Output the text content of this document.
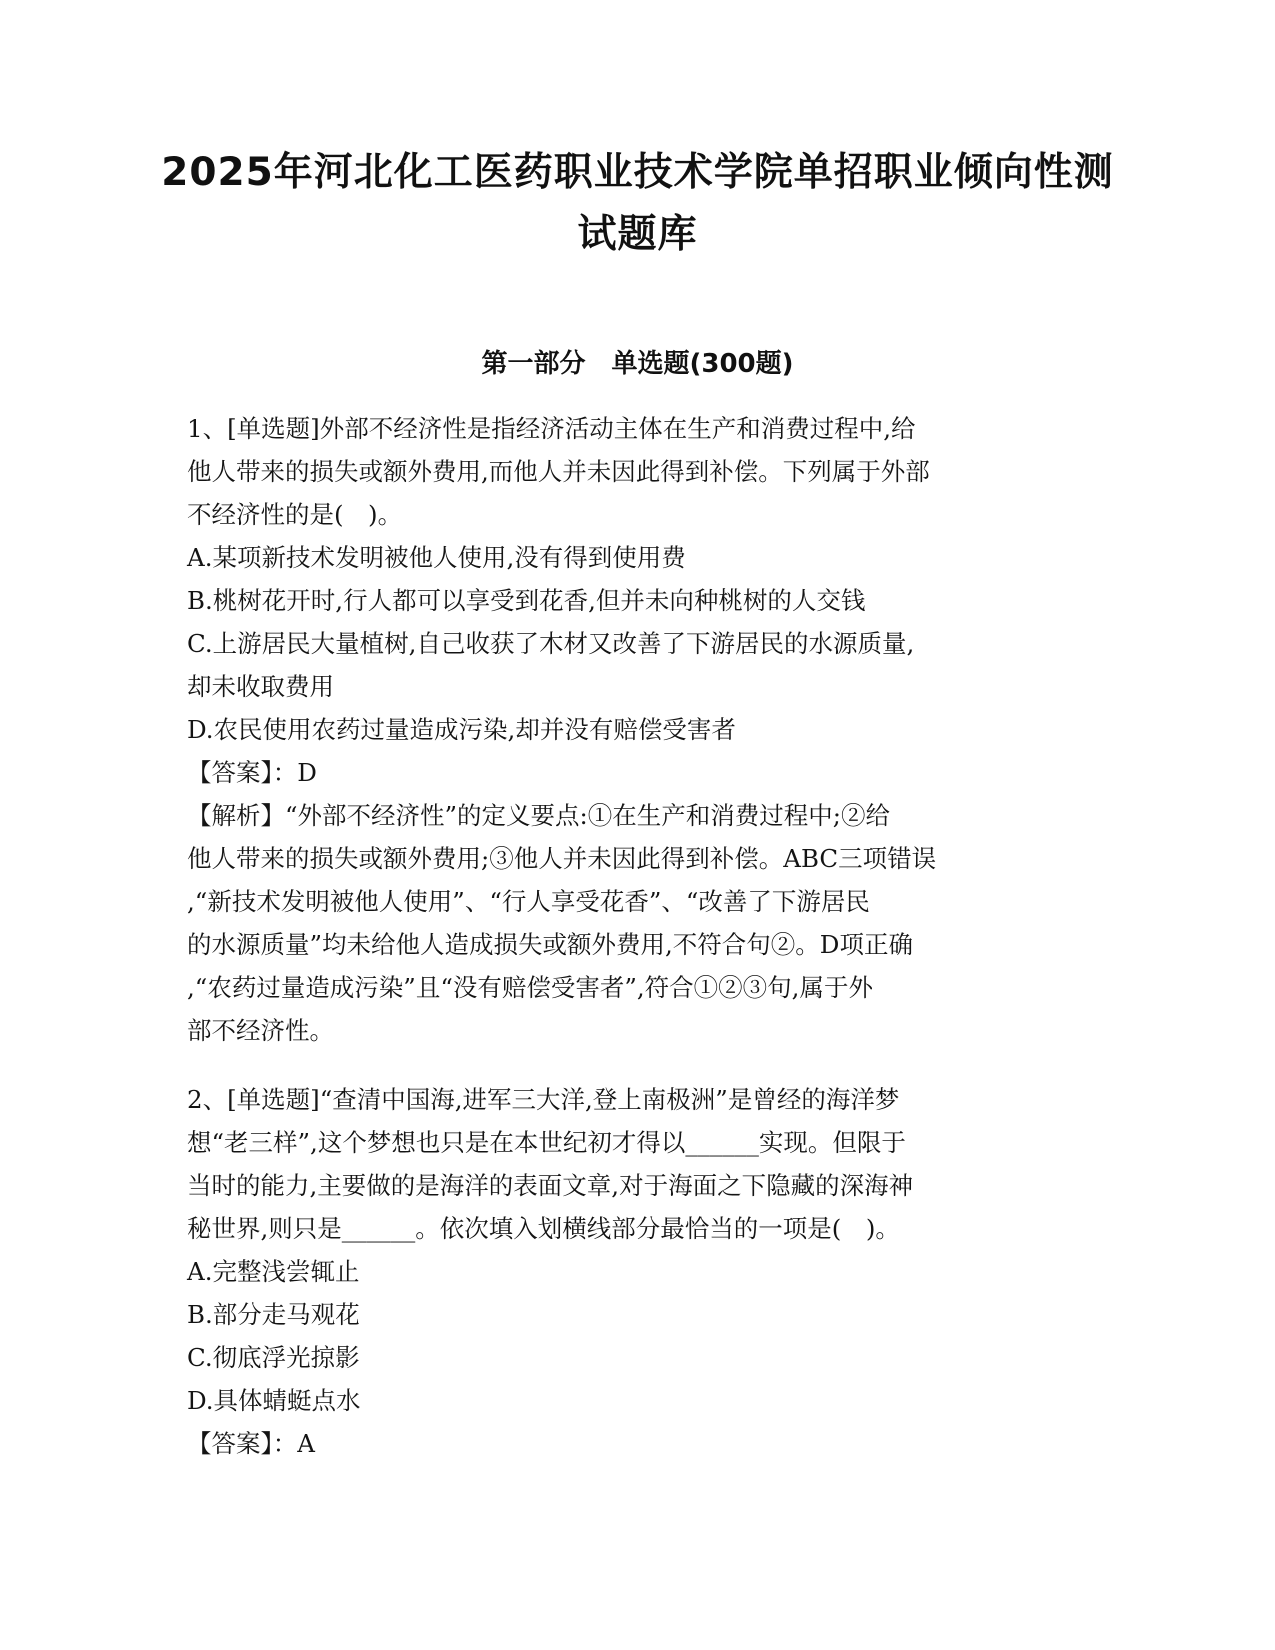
2025年河北化工医药职业技术学院单招职业倾向性测
试题库
第一部分　单选题(300题)
1、[单选题]外部不经济性是指经济活动主体在生产和消费过程中,给
他人带来的损失或额外费用,而他人并未因此得到补偿。下列属于外部
不经济性的是(　)。
A.某项新技术发明被他人使用,没有得到使用费
B.桃树花开时,行人都可以享受到花香,但并未向种桃树的人交钱
C.上游居民大量植树,自己收获了木材又改善了下游居民的水源质量,
却未收取费用
D.农民使用农药过量造成污染,却并没有赔偿受害者
【答案】：D
【解析】“外部不经济性”的定义要点:①在生产和消费过程中;②给
他人带来的损失或额外费用;③他人并未因此得到补偿。ABC三项错误
,“新技术发明被他人使用”、“行人享受花香”、“改善了下游居民
的水源质量”均未给他人造成损失或额外费用,不符合句②。D项正确
,“农药过量造成污染”且“没有赔偿受害者”,符合①②③句,属于外
部不经济性。
2、[单选题]“查清中国海,进军三大洋,登上南极洲”是曾经的海洋梦
想“老三样”,这个梦想也只是在本世纪初才得以______实现。但限于
当时的能力,主要做的是海洋的表面文章,对于海面之下隐藏的深海神
秘世界,则只是______。依次填入划横线部分最恰当的一项是(　)。
A.完整浅尝辄止
B.部分走马观花
C.彻底浮光掠影
D.具体蜻蜓点水
【答案】：A
